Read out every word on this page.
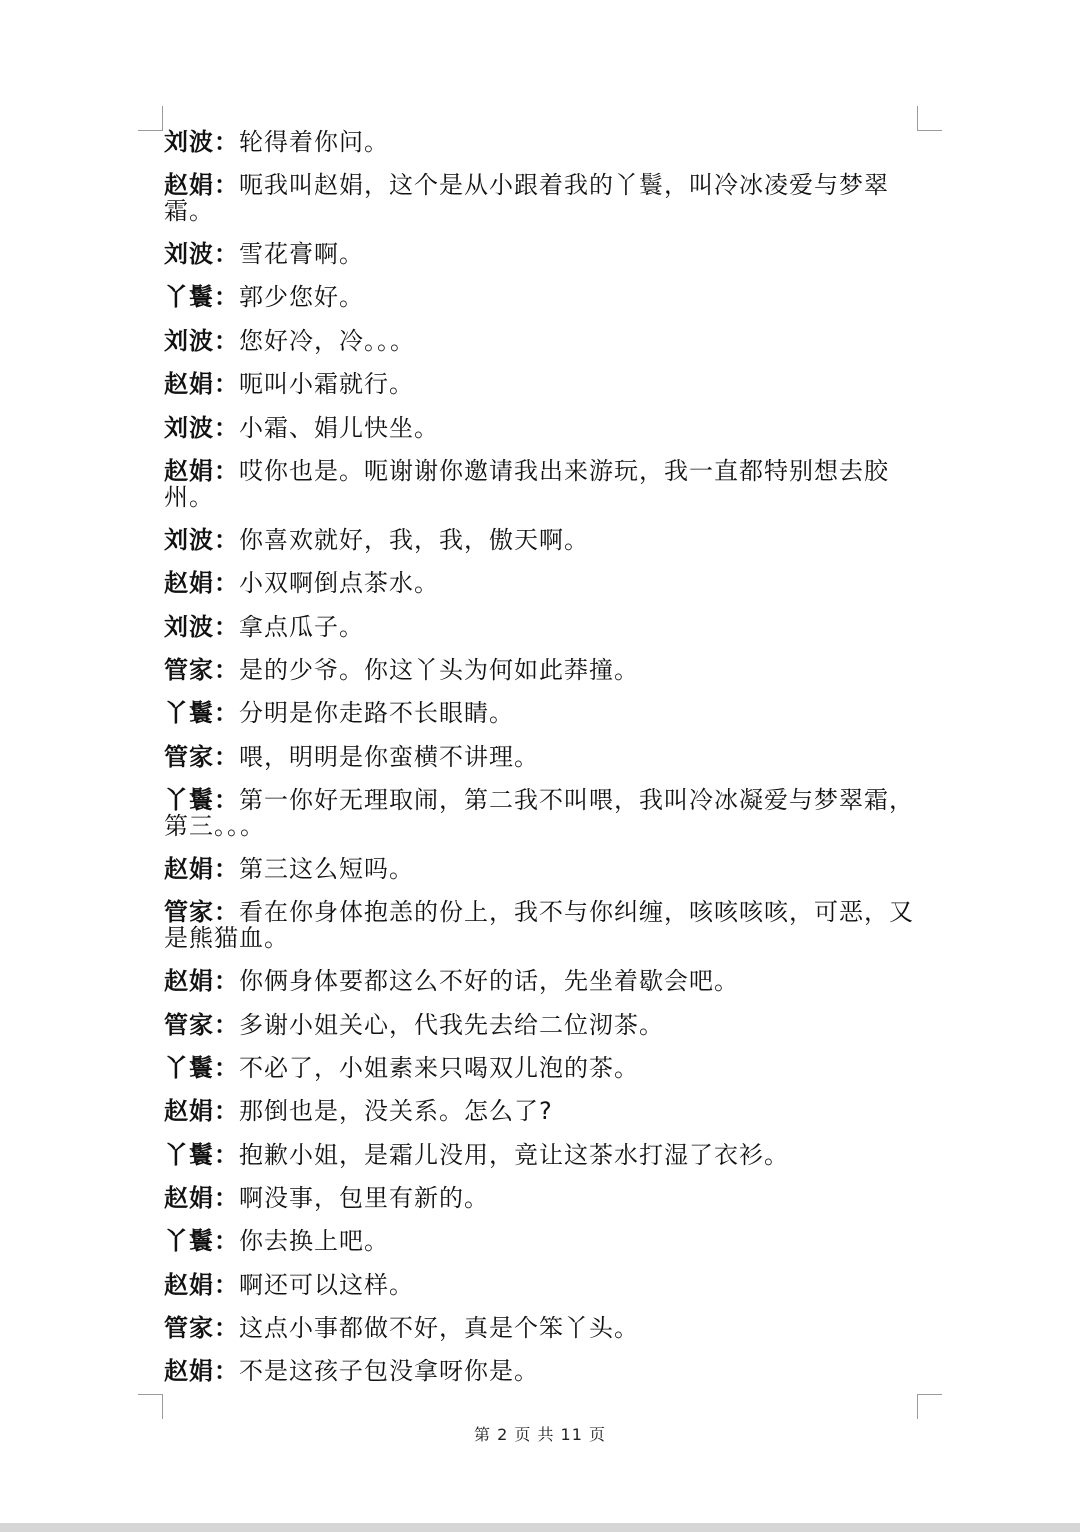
刘波：轮得着你问。
赵娟：呃我叫赵娟，这个是从小跟着我的丫鬟，叫冷冰凌爱与梦翠霜。
刘波：雪花膏啊。
丫鬟：郭少您好。
刘波：您好冷，冷。。。
赵娟：呃叫小霜就行。
刘波：小霜、娟儿快坐。
赵娟：哎你也是。呃谢谢你邀请我出来游玩，我一直都特别想去胶州。
刘波：你喜欢就好，我，我，傲天啊。
赵娟：小双啊倒点茶水。
刘波：拿点瓜子。
管家：是的少爷。你这丫头为何如此莽撞。
丫鬟：分明是你走路不长眼睛。
管家：喂，明明是你蛮横不讲理。
丫鬟：第一你好无理取闹，第二我不叫喂，我叫冷冰凝爱与梦翠霜，第三。。。
赵娟：第三这么短吗。
管家：看在你身体抱恙的份上，我不与你纠缠，咳咳咳咳，可恶，又是熊猫血。
赵娟：你俩身体要都这么不好的话，先坐着歇会吧。
管家：多谢小姐关心，代我先去给二位沏茶。
丫鬟：不必了，小姐素来只喝双儿泡的茶。
赵娟：那倒也是，没关系。怎么了?
丫鬟：抱歉小姐，是霜儿没用，竟让这茶水打湿了衣衫。
赵娟：啊没事，包里有新的。
丫鬟：你去换上吧。
赵娟：啊还可以这样。
管家：这点小事都做不好，真是个笨丫头。
赵娟：不是这孩子包没拿呀你是。
第 2 页 共 11 页
